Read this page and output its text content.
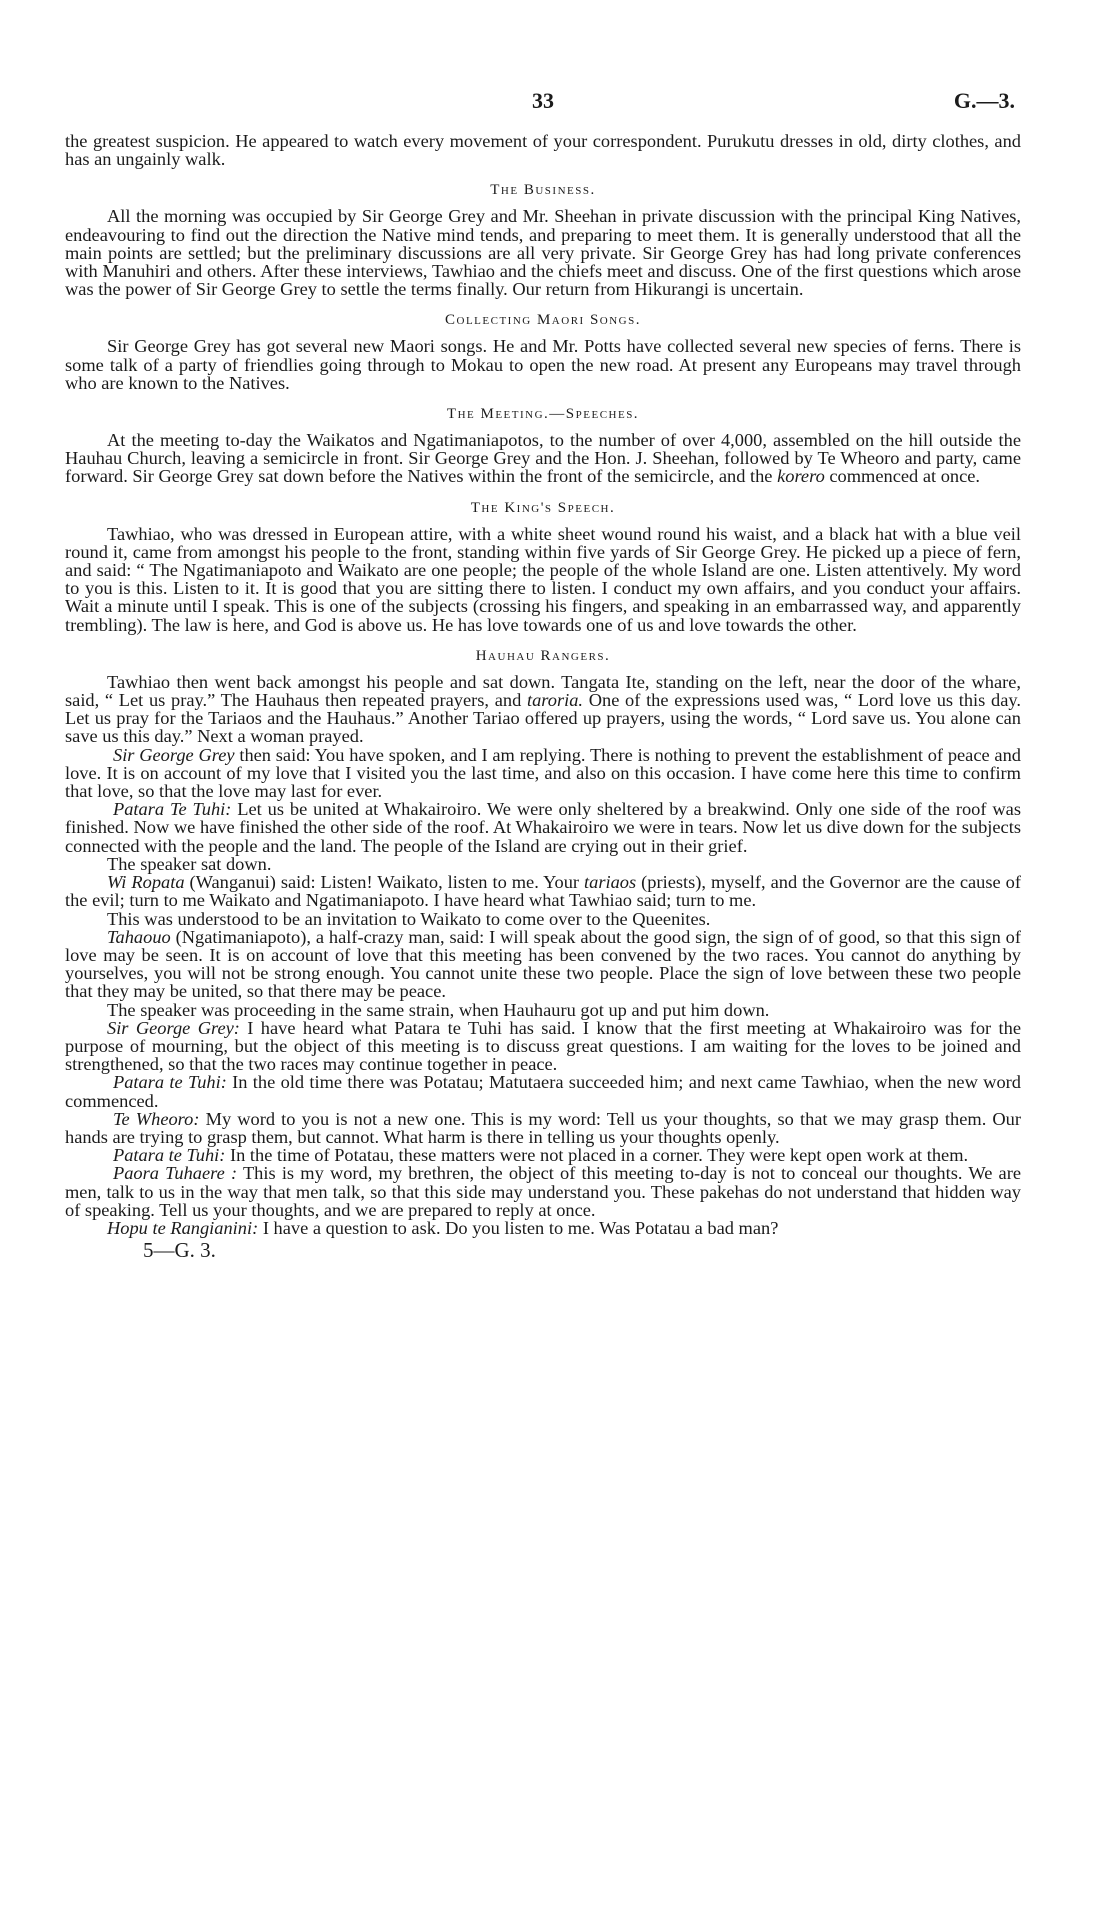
33	G.—3.

the greatest suspicion. He appeared to watch every movement of your correspondent. Purukutu dresses in old, dirty clothes, and has an ungainly walk.

The Business.

All the morning was occupied by Sir George Grey and Mr. Sheehan in private discussion with the principal King Natives, endeavouring to find out the direction the Native mind tends, and preparing to meet them. It is generally understood that all the main points are settled; but the preliminary discussions are all very private. Sir George Grey has had long private conferences with Manuhiri and others. After these interviews, Tawhiao and the chiefs meet and discuss. One of the first questions which arose was the power of Sir George Grey to settle the terms finally. Our return from Hikurangi is uncertain.

Collecting Maori Songs.

Sir George Grey has got several new Maori songs. He and Mr. Potts have collected several new species of ferns. There is some talk of a party of friendlies going through to Mokau to open the new road. At present any Europeans may travel through who are known to the Natives.

The Meeting.—Speeches.

At the meeting to-day the Waikatos and Ngatimaniapotos, to the number of over 4,000, assembled on the hill outside the Hauhau Church, leaving a semicircle in front. Sir George Grey and the Hon. J. Sheehan, followed by Te Wheoro and party, came forward. Sir George Grey sat down before the Natives within the front of the semicircle, and the korero commenced at once.

The King's Speech.

Tawhiao, who was dressed in European attire, with a white sheet wound round his waist, and a black hat with a blue veil round it, came from amongst his people to the front, standing within five yards of Sir George Grey. He picked up a piece of fern, and said: “ The Ngatimaniapoto and Waikato are one people; the people of the whole Island are one. Listen attentively. My word to you is this. Listen to it. It is good that you are sitting there to listen. I conduct my own affairs, and you conduct your affairs. Wait a minute until I speak. This is one of the subjects (crossing his fingers, and speaking in an embarrassed way, and apparently trembling). The law is here, and God is above us. He has love towards one of us and love towards the other.

Hauhau Rangers.

Tawhiao then went back amongst his people and sat down. Tangata Ite, standing on the left, near the door of the whare, said, “ Let us pray.” The Hauhaus then repeated prayers, and taroria. One of the expressions used was, “ Lord love us this day. Let us pray for the Tariaos and the Hauhaus.” Another Tariao offered up prayers, using the words, “ Lord save us. You alone can save us this day.” Next a woman prayed.

Sir George Grey then said: You have spoken, and I am replying. There is nothing to prevent the establishment of peace and love. It is on account of my love that I visited you the last time, and also on this occasion. I have come here this time to confirm that love, so that the love may last for ever.

Patara Te Tuhi: Let us be united at Whakairoiro. We were only sheltered by a breakwind. Only one side of the roof was finished. Now we have finished the other side of the roof. At Whakairoiro we were in tears. Now let us dive down for the subjects connected with the people and the land. The people of the Island are crying out in their grief.

The speaker sat down.

Wi Ropata (Wanganui) said: Listen! Waikato, listen to me. Your tariaos (priests), myself, and the Governor are the cause of the evil; turn to me Waikato and Ngatimaniapoto. I have heard what Tawhiao said; turn to me.

This was understood to be an invitation to Waikato to come over to the Queenites.

Tahaouo (Ngatimaniapoto), a half-crazy man, said: I will speak about the good sign, the sign of of good, so that this sign of love may be seen. It is on account of love that this meeting has been convened by the two races. You cannot do anything by yourselves, you will not be strong enough. You cannot unite these two people. Place the sign of love between these two people that they may be united, so that there may be peace.

The speaker was proceeding in the same strain, when Hauhauru got up and put him down.

Sir George Grey: I have heard what Patara te Tuhi has said. I know that the first meeting at Whakairoiro was for the purpose of mourning, but the object of this meeting is to discuss great questions. I am waiting for the loves to be joined and strengthened, so that the two races may continue together in peace.

Patara te Tuhi: In the old time there was Potatau; Matutaera succeeded him; and next came Tawhiao, when the new word commenced.

Te Wheoro: My word to you is not a new one. This is my word: Tell us your thoughts, so that we may grasp them. Our hands are trying to grasp them, but cannot. What harm is there in telling us your thoughts openly.

Patara te Tuhi: In the time of Potatau, these matters were not placed in a corner. They were kept open work at them.

Paora Tuhaere : This is my word, my brethren, the object of this meeting to-day is not to conceal our thoughts. We are men, talk to us in the way that men talk, so that this side may understand you. These pakehas do not understand that hidden way of speaking. Tell us your thoughts, and we are prepared to reply at once.

Hopu te Rangianini: I have a question to ask. Do you listen to me. Was Potatau a bad man?

5—G. 3.
